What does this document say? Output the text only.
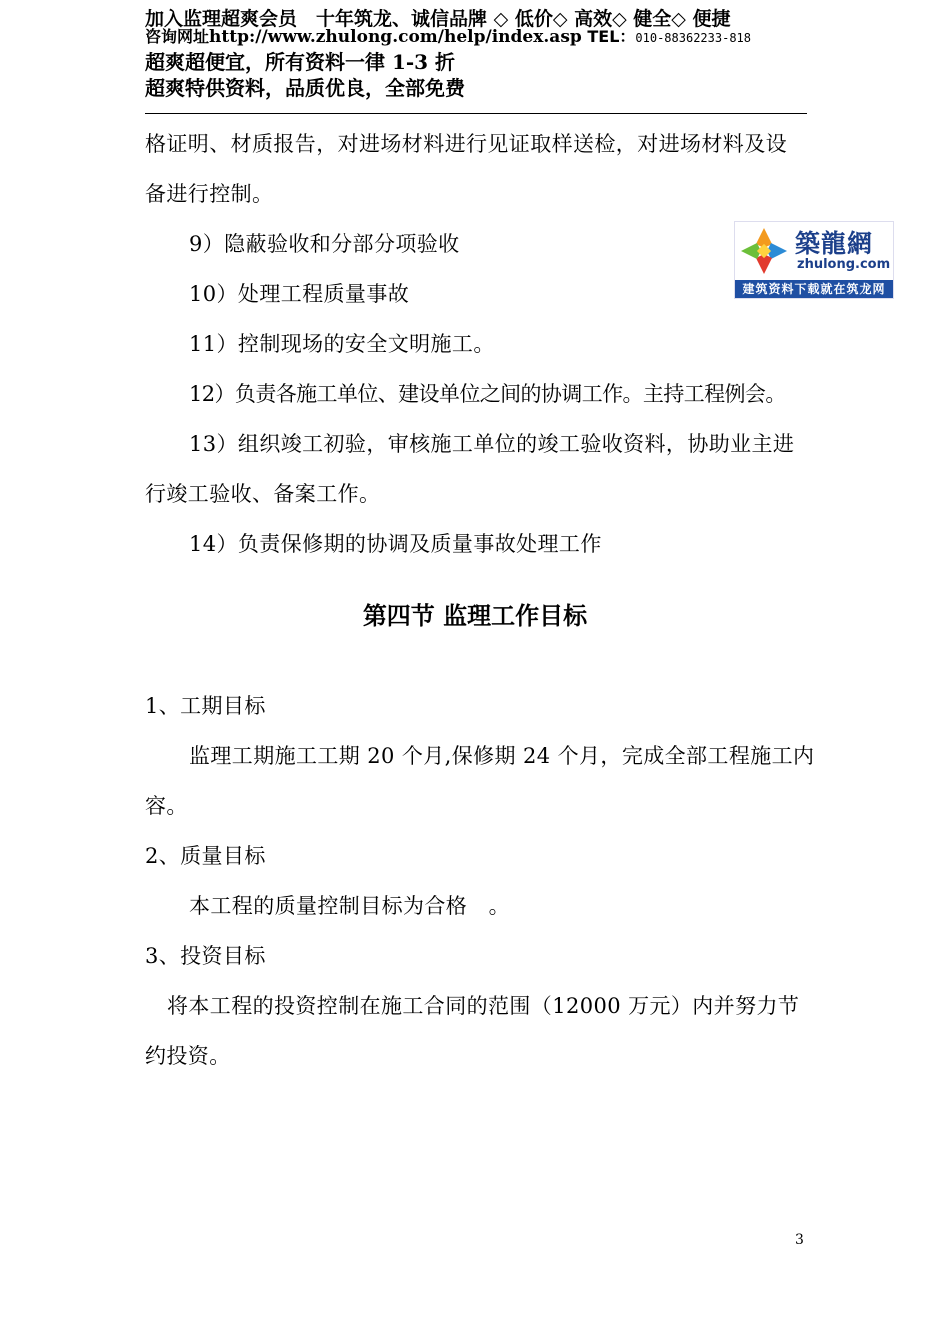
加入监理超爽会员　十年筑龙、诚信品牌 ◇ 低价◇ 高效◇ 健全◇ 便捷
咨询网址http://www.zhulong.com/help/index.asp TEL：010-88362233-818
超爽超便宜，所有资料一律 1-3 折
超爽特供资料，品质优良，全部免费
築龍網
zhulong.com
建筑资料下载就在筑龙网
格证明、材质报告，对进场材料进行见证取样送检，对进场材料及设
备进行控制。
9）隐蔽验收和分部分项验收
10）处理工程质量事故
11）控制现场的安全文明施工。
12）负责各施工单位、建设单位之间的协调工作。主持工程例会。
13）组织竣工初验，审核施工单位的竣工验收资料，协助业主进
行竣工验收、备案工作。
14）负责保修期的协调及质量事故处理工作
第四节 监理工作目标
1、工期目标
监理工期施工工期 20 个月,保修期 24 个月，完成全部工程施工内
容。
2、质量目标
本工程的质量控制目标为合格　。
3、投资目标
将本工程的投资控制在施工合同的范围（12000 万元）内并努力节
约投资。
3
